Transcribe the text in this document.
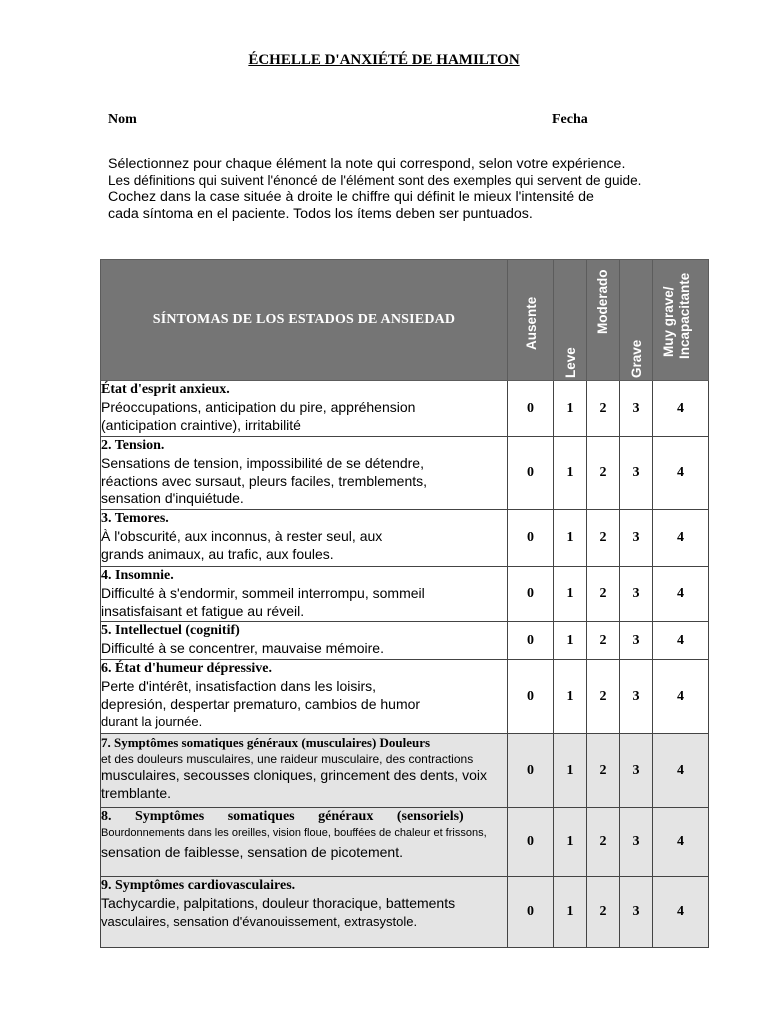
ÉCHELLE D'ANXIÉTÉ DE HAMILTON
Nom	Fecha
Sélectionnez pour chaque élément la note qui correspond, selon votre expérience.
Les définitions qui suivent l'énoncé de l'élément sont des exemples qui servent de guide.
Cochez dans la case située à droite le chiffre qui définit le mieux l'intensité de
cada síntoma en el paciente. Todos los ítems deben ser puntuados.
SÍNTOMAS DE LOS ESTADOS DE ANSIEDAD	Ausente	Leve	Moderado	Grave	Muy grave/ Incapacitante

État d'esprit anxieux.
Préoccupations, anticipation du pire, appréhension
(anticipation craintive), irritabilité	0	1	2	3	4

2. Tension.
Sensations de tension, impossibilité de se détendre,
réactions avec sursaut, pleurs faciles, tremblements,
sensation d'inquiétude.	0	1	2	3	4

3. Temores.
À l'obscurité, aux inconnus, à rester seul, aux
grands animaux, au trafic, aux foules.	0	1	2	3	4

4. Insomnie.
Difficulté à s'endormir, sommeil interrompu, sommeil
insatisfaisant et fatigue au réveil.	0	1	2	3	4

5. Intellectuel (cognitif)
Difficulté à se concentrer, mauvaise mémoire.	0	1	2	3	4

6. État d'humeur dépressive.
Perte d'intérêt, insatisfaction dans les loisirs,
depresión, despertar prematuro, cambios de humor
durant la journée.	0	1	2	3	4

7. Symptômes somatiques généraux (musculaires) Douleurs
et des douleurs musculaires, une raideur musculaire, des contractions
musculaires, secousses cloniques, grincement des dents, voix
tremblante.	0	1	2	3	4

8. Symptômes somatiques généraux (sensoriels)
Bourdonnements dans les oreilles, vision floue, bouffées de chaleur et frissons,
sensation de faiblesse, sensation de picotement.	0	1	2	3	4

9. Symptômes cardiovasculaires.
Tachycardie, palpitations, douleur thoracique, battements
vasculaires, sensation d'évanouissement, extrasystole.	0	1	2	3	4
